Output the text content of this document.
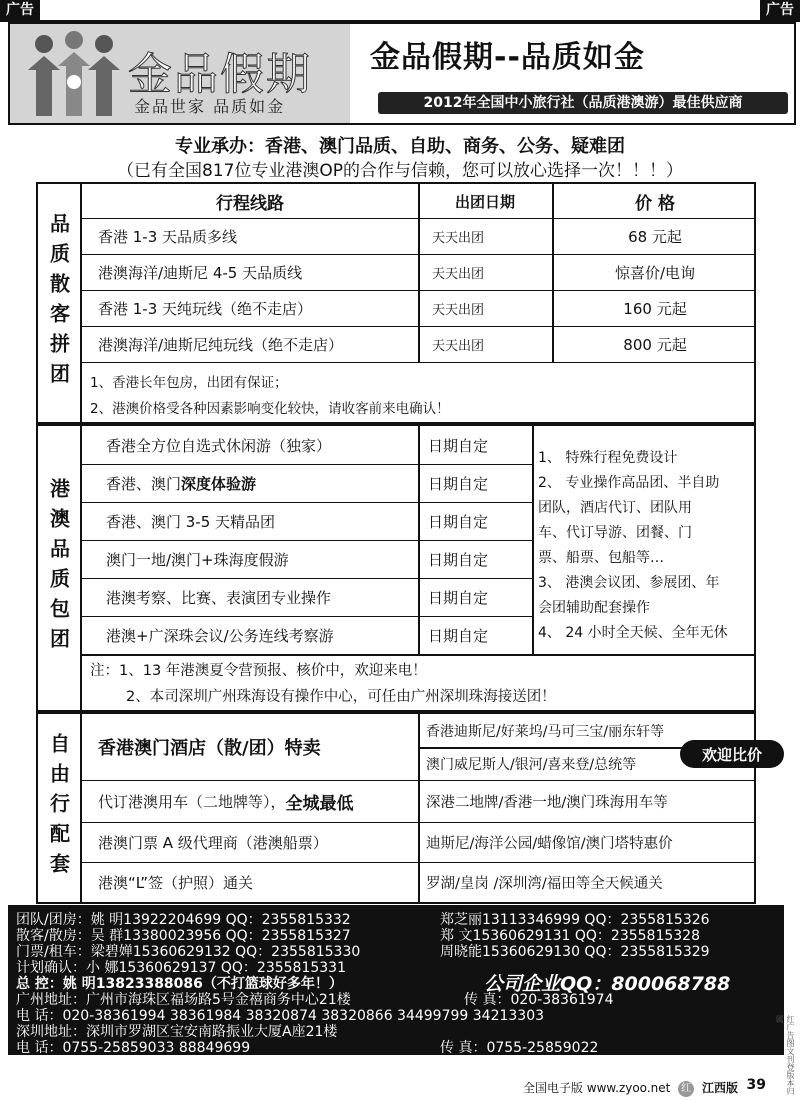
广告	广告
金品假期
金品世家 品质如金
金品假期--品质如金
2012年全国中小旅行社（品质港澳游）最佳供应商
专业承办：香港、澳门品质、自助、商务、公务、疑难团
（已有全国817位专业港澳OP的合作与信赖，您可以放心选择一次！！！）
品质散客拼团
行程线路	出团日期	价 格
香港 1-3 天品质多线	天天出团	68 元起
港澳海洋/迪斯尼 4-5 天品质线	天天出团	惊喜价/电询
香港 1-3 天纯玩线（绝不走店）	天天出团	160 元起
港澳海洋/迪斯尼纯玩线（绝不走店）	天天出团	800 元起
1、香港长年包房，出团有保证；
2、港澳价格受各种因素影响变化较快，请收客前来电确认！
港澳品质包团
香港全方位自选式休闲游（独家）	日期自定
香港、澳门 深度体验游	日期自定
香港、澳门 3-5 天精品团	日期自定
澳门一地/澳门+珠海度假游	日期自定
港澳考察、比赛、表演团专业操作	日期自定
港澳+广深珠会议/公务连线考察游	日期自定
1、 特殊行程免费设计
2、 专业操作高品团、半自助
团队，酒店代订、团队用
车、代订导游、团餐、门
票、船票、包船等…
3、 港澳会议团、参展团、年
会团辅助配套操作
4、 24 小时全天候、全年无休
注：1、13 年港澳夏令营预报、核价中，欢迎来电！
2、本司深圳广州珠海设有操作中心，可任由广州深圳珠海接送团！
自由行配套 香港澳门酒店（散/团）特卖
香港迪斯尼/好莱坞/马可三宝/丽东轩等
澳门威尼斯人/银河/喜来登/总统等
代订港澳用车（二地牌等）， 全城最低	深港二地牌/香港一地/澳门珠海用车等
港澳门票 A 级代理商（港澳船票）	迪斯尼/海洋公园/蜡像馆/澳门塔特惠价
港澳“L”签（护照）通关	罗湖/皇岗 /深圳湾/福田等全天候通关
欢迎比价
团队/团房：姚 明13922204699 QQ：2355815332	郑芝丽13113346999 QQ：2355815326
散客/散房：吴 群13380023956 QQ：2355815327	郑 文15360629131 QQ：2355815328
门票/租车：梁碧婵15360629132 QQ：2355815330	周晓能15360629130 QQ：2355815329
计划确认：小 娜15360629137 QQ：2355815331
总 控：姚 明13823388086（不打篮球好多年！）	公司企业QQ：800068788
广州地址：广州市海珠区福场路5号金禧商务中心21楼	传 真：020-38361974
电 话：020-38361994 38361984 38320874 38320866 34499799 34213303
深圳地址：深圳市罗湖区宝安南路振业大厦A座21楼
电 话：0755-25859033 88849699	传 真：0755-25859022	红广告图文刊登版本归属
全国电子版 www.zyoo.net 红 江西版 39
